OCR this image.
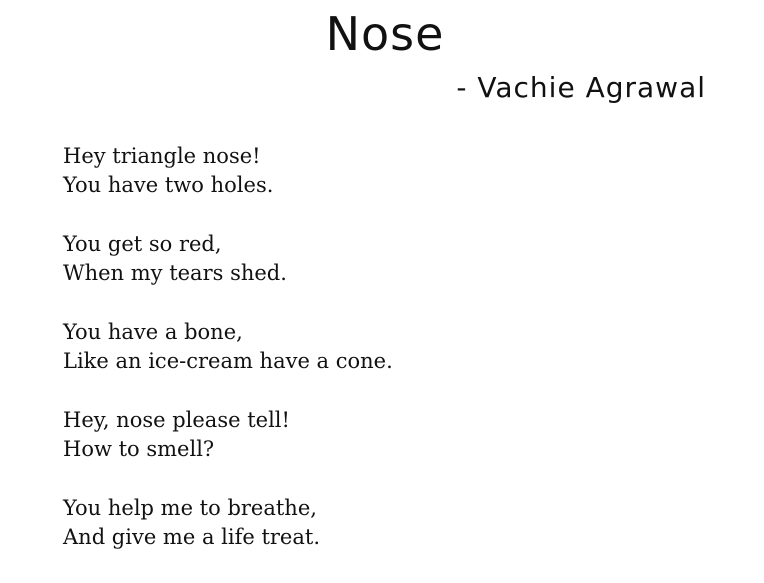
Nose
- Vachie Agrawal
Hey triangle nose!
You have two holes.
You get so red,
When my tears shed.
You have a bone,
Like an ice-cream have a cone.
Hey, nose please tell!
How to smell?
You help me to breathe,
And give me a life treat.
